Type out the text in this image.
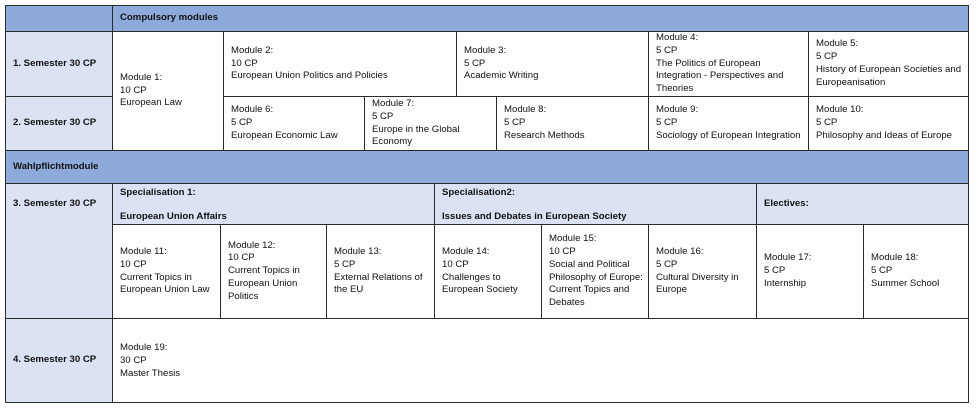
Compulsory modules
1. Semester 30 CP
2. Semester 30 CP
Module 1:
10 CP
European Law
Module 2:
10 CP
European Union Politics and Policies
Module 3:
5 CP
Academic Writing
Module 4:
5 CP
The Politics of European Integration - Perspectives and Theories
Module 5:
5 CP
History of European Societies and Europeanisation
Module 6:
5 CP
European Economic Law
Module 7:
5 CP
Europe in the Global Economy
Module 8:
5 CP
Research Methods
Module 9:
5 CP
Sociology of European Integration
Module 10:
5 CP
Philosophy and Ideas of Europe
Wahlpflichtmodule
3. Semester 30 CP
Specialisation 1:
European Union Affairs
Specialisation2:
Issues and Debates in European Society
Electives:
Module 11:
10 CP
Current Topics in European Union Law
Module 12:
10 CP
Current Topics in European Union Politics
Module 13:
5 CP
External Relations of the EU
Module 14:
10 CP
Challenges to European Society
Module 15:
10 CP
Social and Political Philosophy of Europe: Current Topics and Debates
Module 16:
5 CP
Cultural Diversity in Europe
Module 17:
5 CP
Internship
Module 18:
5 CP
Summer School
4. Semester 30 CP
Module 19:
30 CP
Master Thesis
